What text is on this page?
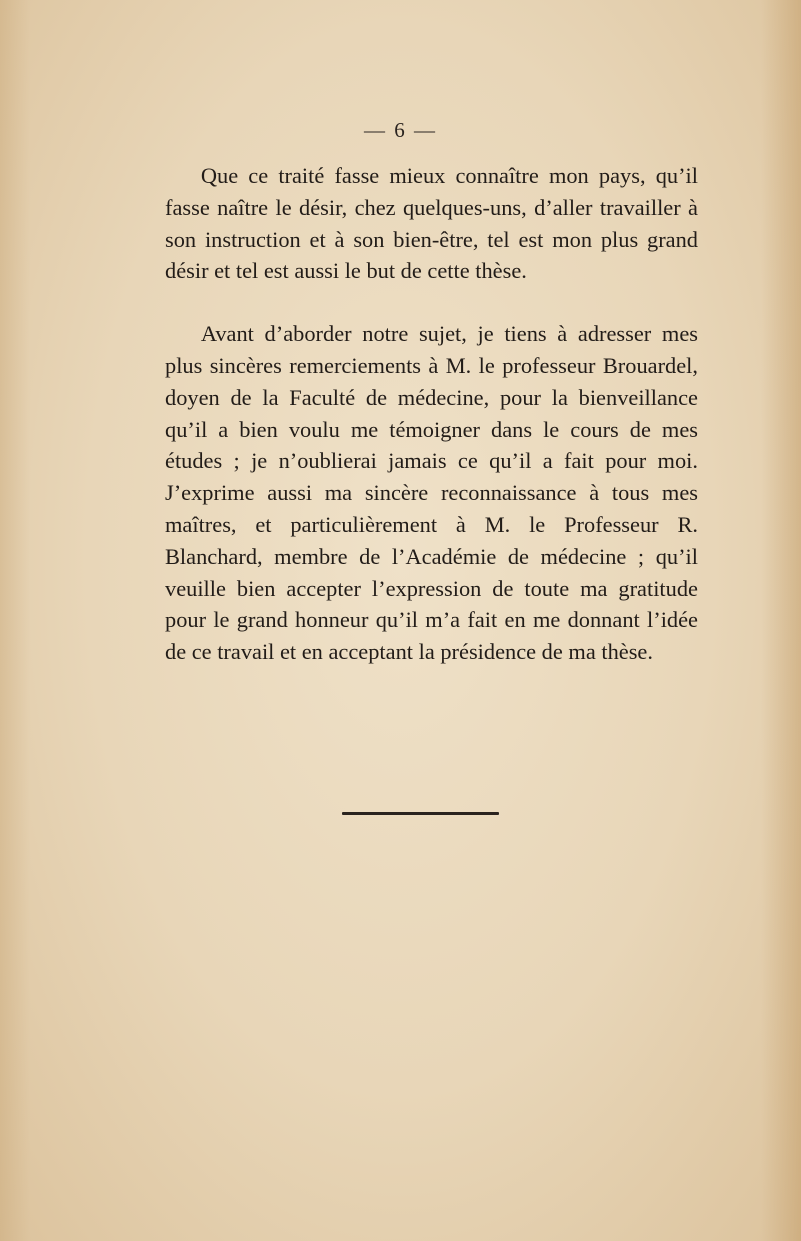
— 6 —

Que ce traité fasse mieux connaître mon pays, qu’il fasse naître le désir, chez quelques-uns, d’aller travailler à son instruction et à son bien-être, tel est mon plus grand désir et tel est aussi le but de cette thèse.

Avant d’aborder notre sujet, je tiens à adresser mes plus sincères remerciements à M. le professeur Brouardel, doyen de la Faculté de médecine, pour la bienveillance qu’il a bien voulu me témoigner dans le cours de mes études ; je n’oublierai jamais ce qu’il a fait pour moi. J’exprime aussi ma sincère reconnaissance à tous mes maîtres, et particulièrement à M. le Professeur R. Blanchard, membre de l’Académie de médecine ; qu’il veuille bien accepter l’expression de toute ma gratitude pour le grand honneur qu’il m’a fait en me donnant l’idée de ce travail et en acceptant la présidence de ma thèse.
